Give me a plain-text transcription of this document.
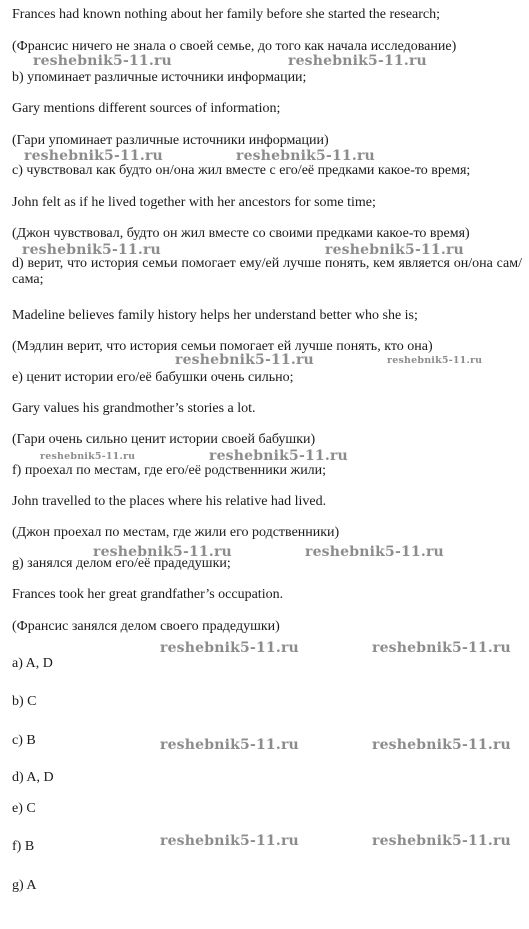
Frances had known nothing about her family before she started the research;
(Франсис ничего не знала о своей семье, до того как начала исследование)
b) упоминает различные источники информации;
Gary mentions different sources of information;
(Гари упоминает различные источники информации)
c) чувствовал как будто он/она жил вместе с его/её предками какое-то время;
John felt as if he lived together with her ancestors for some time;
(Джон чувствовал, будто он жил вместе со своими предками какое-то время)
d) верит, что история семьи помогает ему/ей лучше понять, кем является он/она сам/сама;
Madeline believes family history helps her understand better who she is;
(Мэдлин верит, что история семьи помогает ей лучше понять, кто она)
e) ценит истории его/её бабушки очень сильно;
Gary values his grandmother’s stories a lot.
(Гари очень сильно ценит истории своей бабушки)
f) проехал по местам, где его/её родственники жили;
John travelled to the places where his relative had lived.
(Джон проехал по местам, где жили его родственники)
g) занялся делом его/её прадедушки;
Frances took her great grandfather’s occupation.
(Франсис занялся делом своего прадедушки)
a) A, D
b) C
c) B
d) A, D
e) C
f) B
g) A
reshebnik5-11.ru	reshebnik5-11.ru
reshebnik5-11.ru	reshebnik5-11.ru
reshebnik5-11.ru	reshebnik5-11.ru
reshebnik5-11.ru	reshebnik5-11.ru
reshebnik5-11.ru	reshebnik5-11.ru
reshebnik5-11.ru	reshebnik5-11.ru
reshebnik5-11.ru	reshebnik5-11.ru
reshebnik5-11.ru	reshebnik5-11.ru
reshebnik5-11.ru	reshebnik5-11.ru
